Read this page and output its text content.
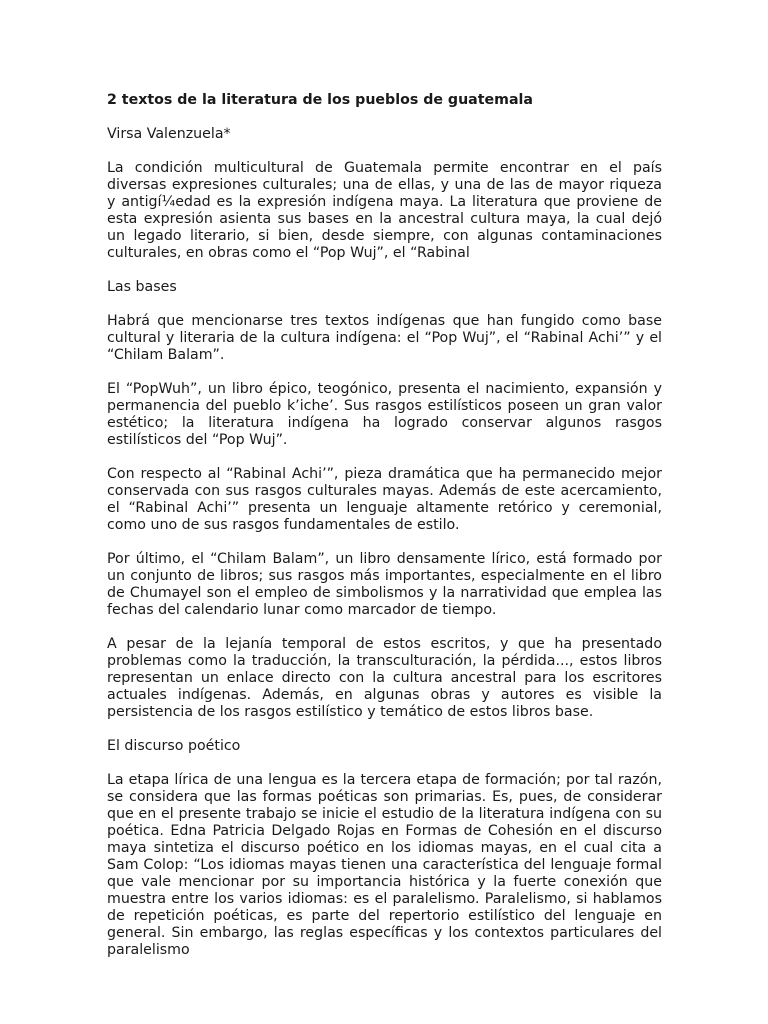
2 textos de la literatura de los pueblos de guatemala
Virsa Valenzuela*

La condición multicultural de Guatemala permite encontrar en el país diversas expresiones culturales; una de ellas, y una de las de mayor riqueza y antigí¼edad es la expresión indígena maya. La literatura que proviene de esta expresión asienta sus bases en la ancestral cultura maya, la cual dejó un legado literario, si bien, desde siempre, con algunas contaminaciones culturales, en obras como el “Pop Wuj”, el “Rabinal

Las bases

Habrá que mencionarse tres textos indígenas que han fungido como base cultural y literaria de la cultura indígena: el “Pop Wuj”, el “Rabinal Achi’” y el “Chilam Balam”.

El “PopWuh”, un libro épico, teogónico, presenta el nacimiento, expansión y permanencia del pueblo k’iche’. Sus rasgos estilísticos poseen un gran valor estético; la literatura indígena ha logrado conservar algunos rasgos estilísticos del “Pop Wuj”.

Con respecto al “Rabinal Achi’”, pieza dramática que ha permanecido mejor conservada con sus rasgos culturales mayas. Además de este acercamiento, el “Rabinal Achi’” presenta un lenguaje altamente retórico y ceremonial, como uno de sus rasgos fundamentales de estilo.

Por último, el “Chilam Balam”, un libro densamente lírico, está formado por un conjunto de libros; sus rasgos más importantes, especialmente en el libro de Chumayel son el empleo de simbolismos y la narratividad que emplea las fechas del calendario lunar como marcador de tiempo.

A pesar de la lejanía temporal de estos escritos, y que ha presentado problemas como la traducción, la transculturación, la pérdida..., estos libros representan un enlace directo con la cultura ancestral para los escritores actuales indígenas. Además, en algunas obras y autores es visible la persistencia de los rasgos estilístico y temático de estos libros base.

El discurso poético

La etapa lírica de una lengua es la tercera etapa de formación; por tal razón, se considera que las formas poéticas son primarias. Es, pues, de considerar que en el presente trabajo se inicie el estudio de la literatura indígena con su poética. Edna Patricia Delgado Rojas en Formas de Cohesión en el discurso maya sintetiza el discurso poético en los idiomas mayas, en el cual cita a Sam Colop: “Los idiomas mayas tienen una característica del lenguaje formal que vale mencionar por su importancia histórica y la fuerte conexión que muestra entre los varios idiomas: es el paralelismo. Paralelismo, si hablamos de repetición poéticas, es parte del repertorio estilístico del lenguaje en general. Sin embargo, las reglas específicas y los contextos particulares del paralelismo
